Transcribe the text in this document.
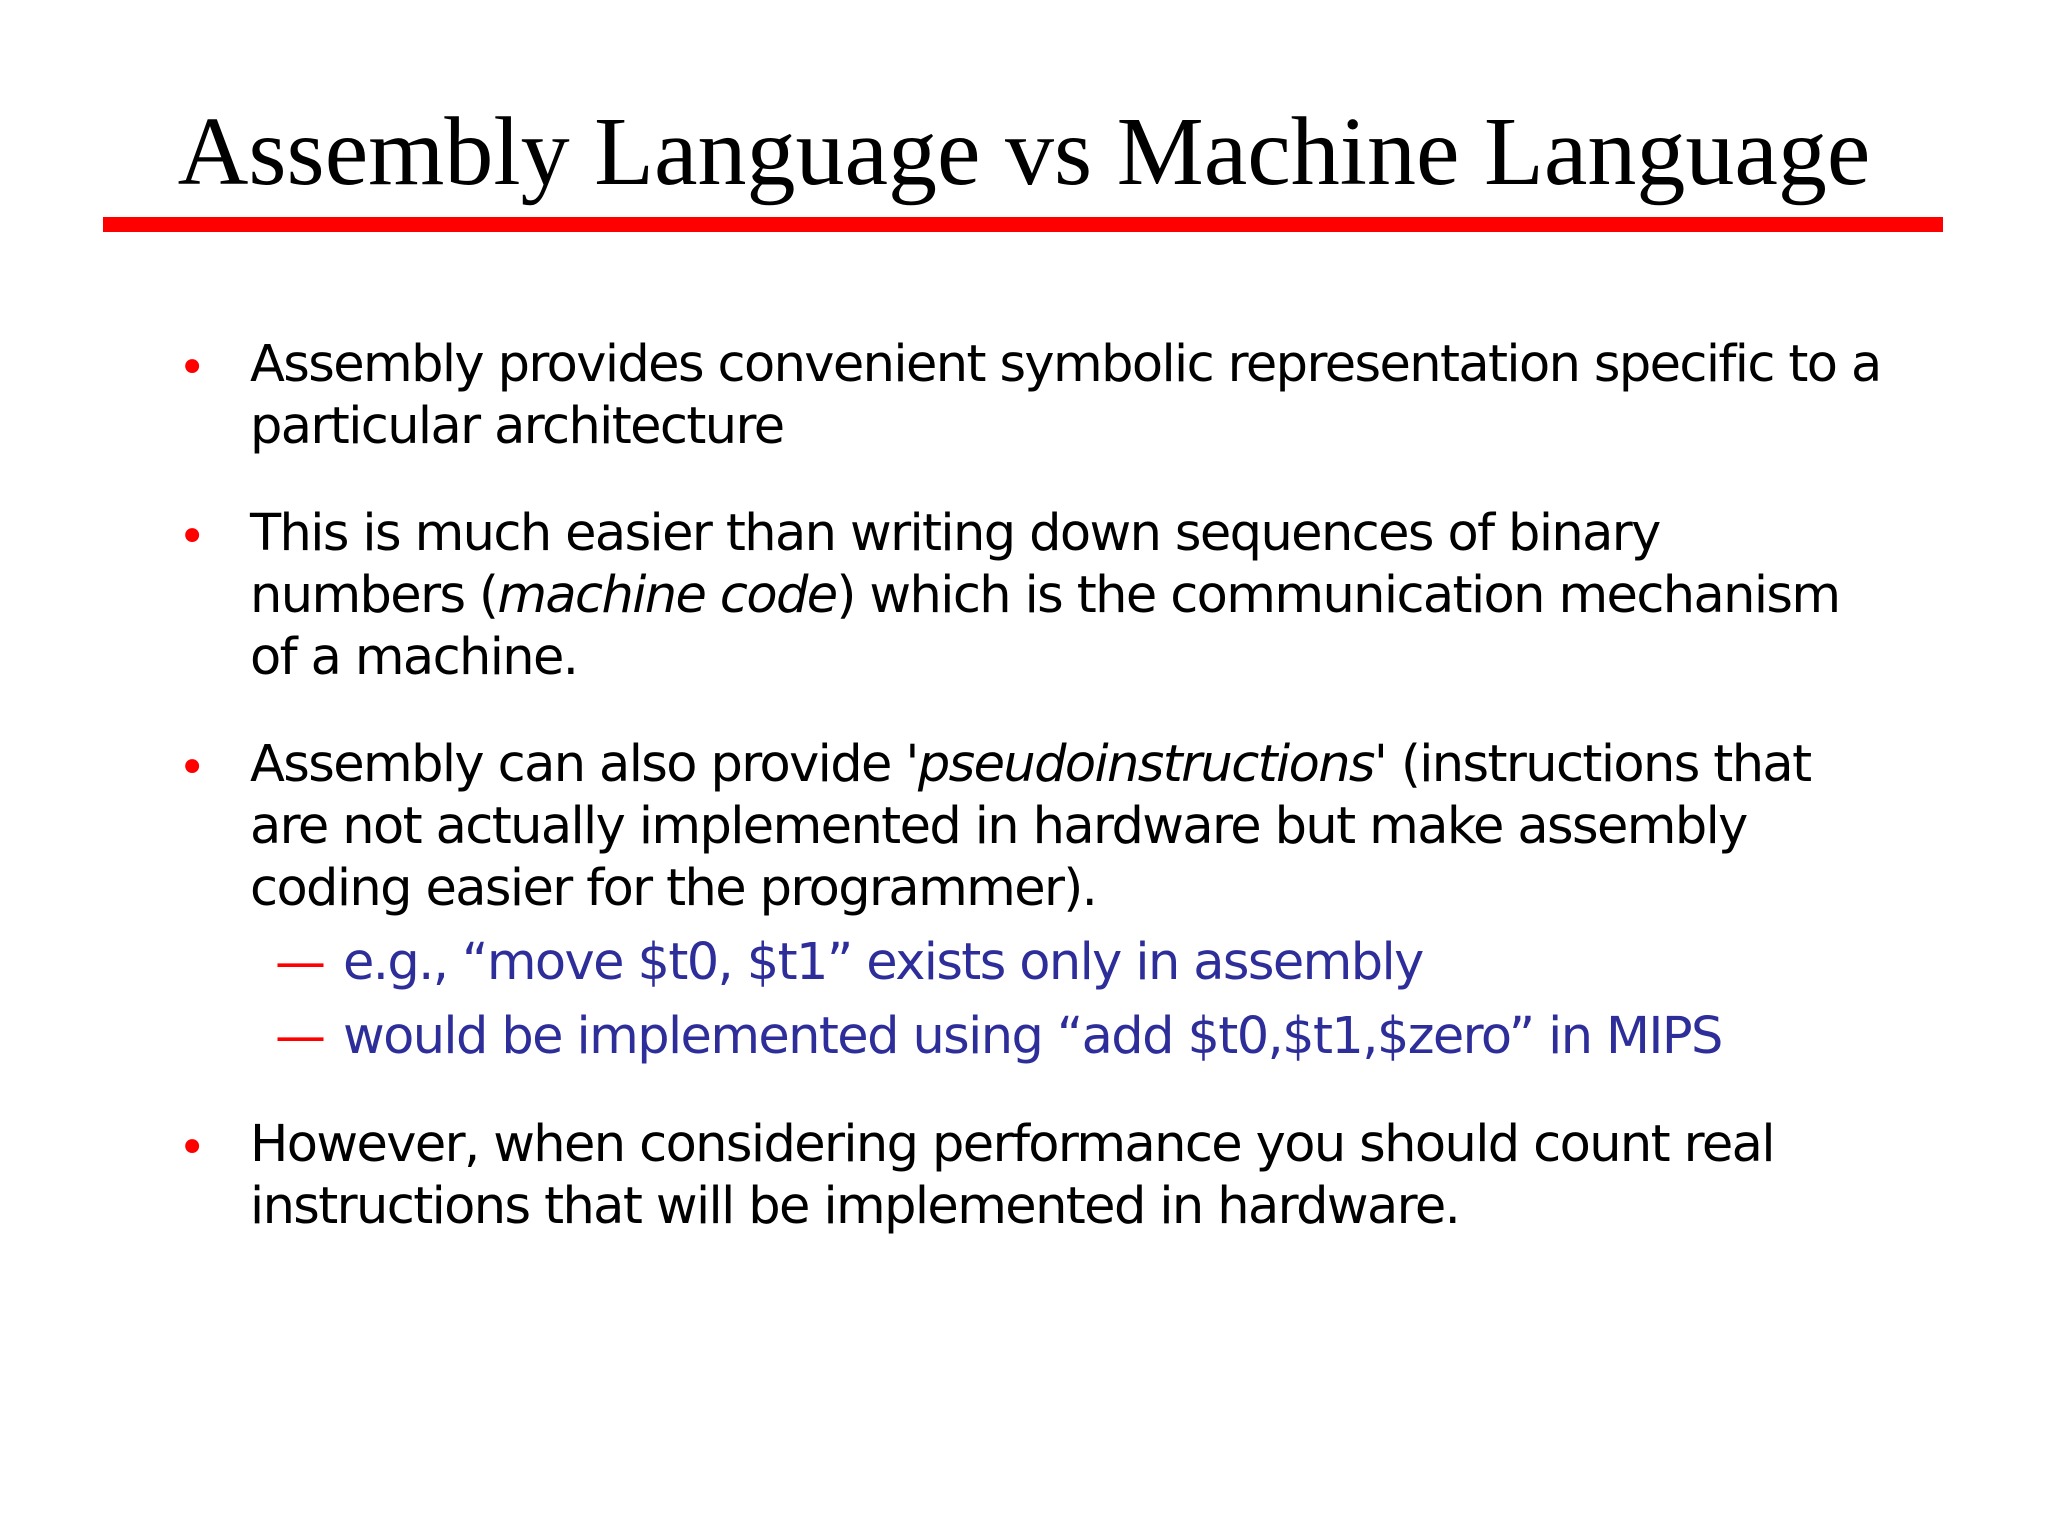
Assembly Language vs Machine Language
• Assembly provides convenient symbolic representation specific to a
particular architecture
• This is much easier than writing down sequences of binary
numbers (machine code) which is the communication mechanism
of a machine.
• Assembly can also provide 'pseudoinstructions' (instructions that
are not actually implemented in hardware but make assembly
coding easier for the programmer).
— e.g., “move $t0, $t1” exists only in assembly
— would be implemented using “add $t0,$t1,$zero” in MIPS
• However, when considering performance you should count real
instructions that will be implemented in hardware.
